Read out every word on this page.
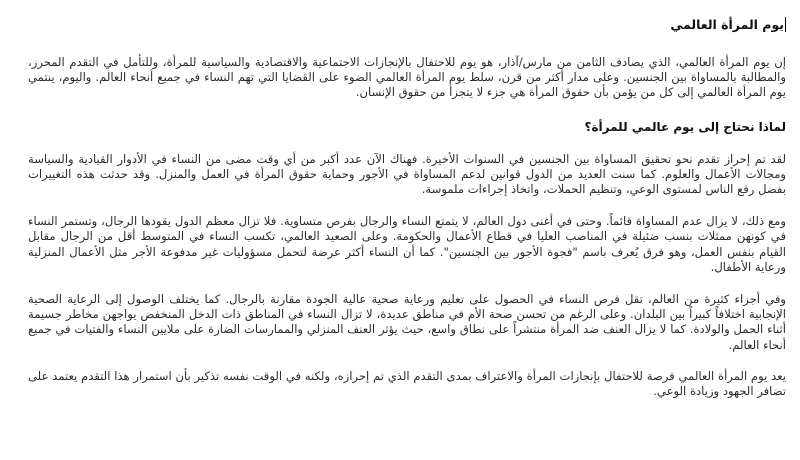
يوم المرأة العالمي

إن يوم المرأة العالمي، الذي يصادف الثامن من مارس/آذار، هو يوم للاحتفال بالإنجازات الاجتماعية والاقتصادية والسياسية للمرأة، وللتأمل في التقدم المحرز، والمطالبة بالمساواة بين الجنسين. وعلى مدار أكثر من قرن، سلط يوم المرأة العالمي الضوء على القضايا التي تهم النساء في جميع أنحاء العالم. واليوم، ينتمي يوم المرأة العالمي إلى كل من يؤمن بأن حقوق المرأة هي جزء لا يتجزأ من حقوق الإنسان.

لماذا نحتاج إلى يوم عالمي للمرأة؟

لقد تم إحراز تقدم نحو تحقيق المساواة بين الجنسين في السنوات الأخيرة. فهناك الآن عدد أكبر من أي وقت مضى من النساء في الأدوار القيادية والسياسة ومجالات الأعمال والعلوم. كما سنت العديد من الدول قوانين لدعم المساواة في الأجور وحماية حقوق المرأة في العمل والمنزل. وقد حدثت هذه التغييرات بفضل رفع الناس لمستوى الوعي، وتنظيم الحملات، واتخاذ إجراءات ملموسة.

ومع ذلك، لا يزال عدم المساواة قائماً. وحتى في أغنى دول العالم، لا يتمتع النساء والرجال بفرص متساوية. فلا تزال معظم الدول يقودها الرجال، وتستمر النساء في كونهن ممثلات بنسب ضئيلة في المناصب العليا في قطاع الأعمال والحكومة. وعلى الصعيد العالمي، تكسب النساء في المتوسط أقل من الرجال مقابل القيام بنفس العمل، وهو فرق يُعرف باسم "فجوة الأجور بين الجنسين". كما أن النساء أكثر عرضة لتحمل مسؤوليات غير مدفوعة الأجر مثل الأعمال المنزلية ورعاية الأطفال.

وفي أجزاء كثيرة من العالم، تقل فرص النساء في الحصول على تعليم ورعاية صحية عالية الجودة مقارنة بالرجال. كما يختلف الوصول إلى الرعاية الصحية الإنجابية اختلافاً كبيراً بين البلدان. وعلى الرغم من تحسن صحة الأم في مناطق عديدة، لا تزال النساء في المناطق ذات الدخل المنخفض يواجهن مخاطر جسيمة أثناء الحمل والولادة. كما لا يزال العنف ضد المرأة منتشراً على نطاق واسع، حيث يؤثر العنف المنزلي والممارسات الضارة على ملايين النساء والفتيات في جميع أنحاء العالم.

يعد يوم المرأة العالمي فرصة للاحتفال بإنجازات المرأة والاعتراف بمدى التقدم الذي تم إحرازه، ولكنه في الوقت نفسه تذكير بأن استمرار هذا التقدم يعتمد على تضافر الجهود وزيادة الوعي.
